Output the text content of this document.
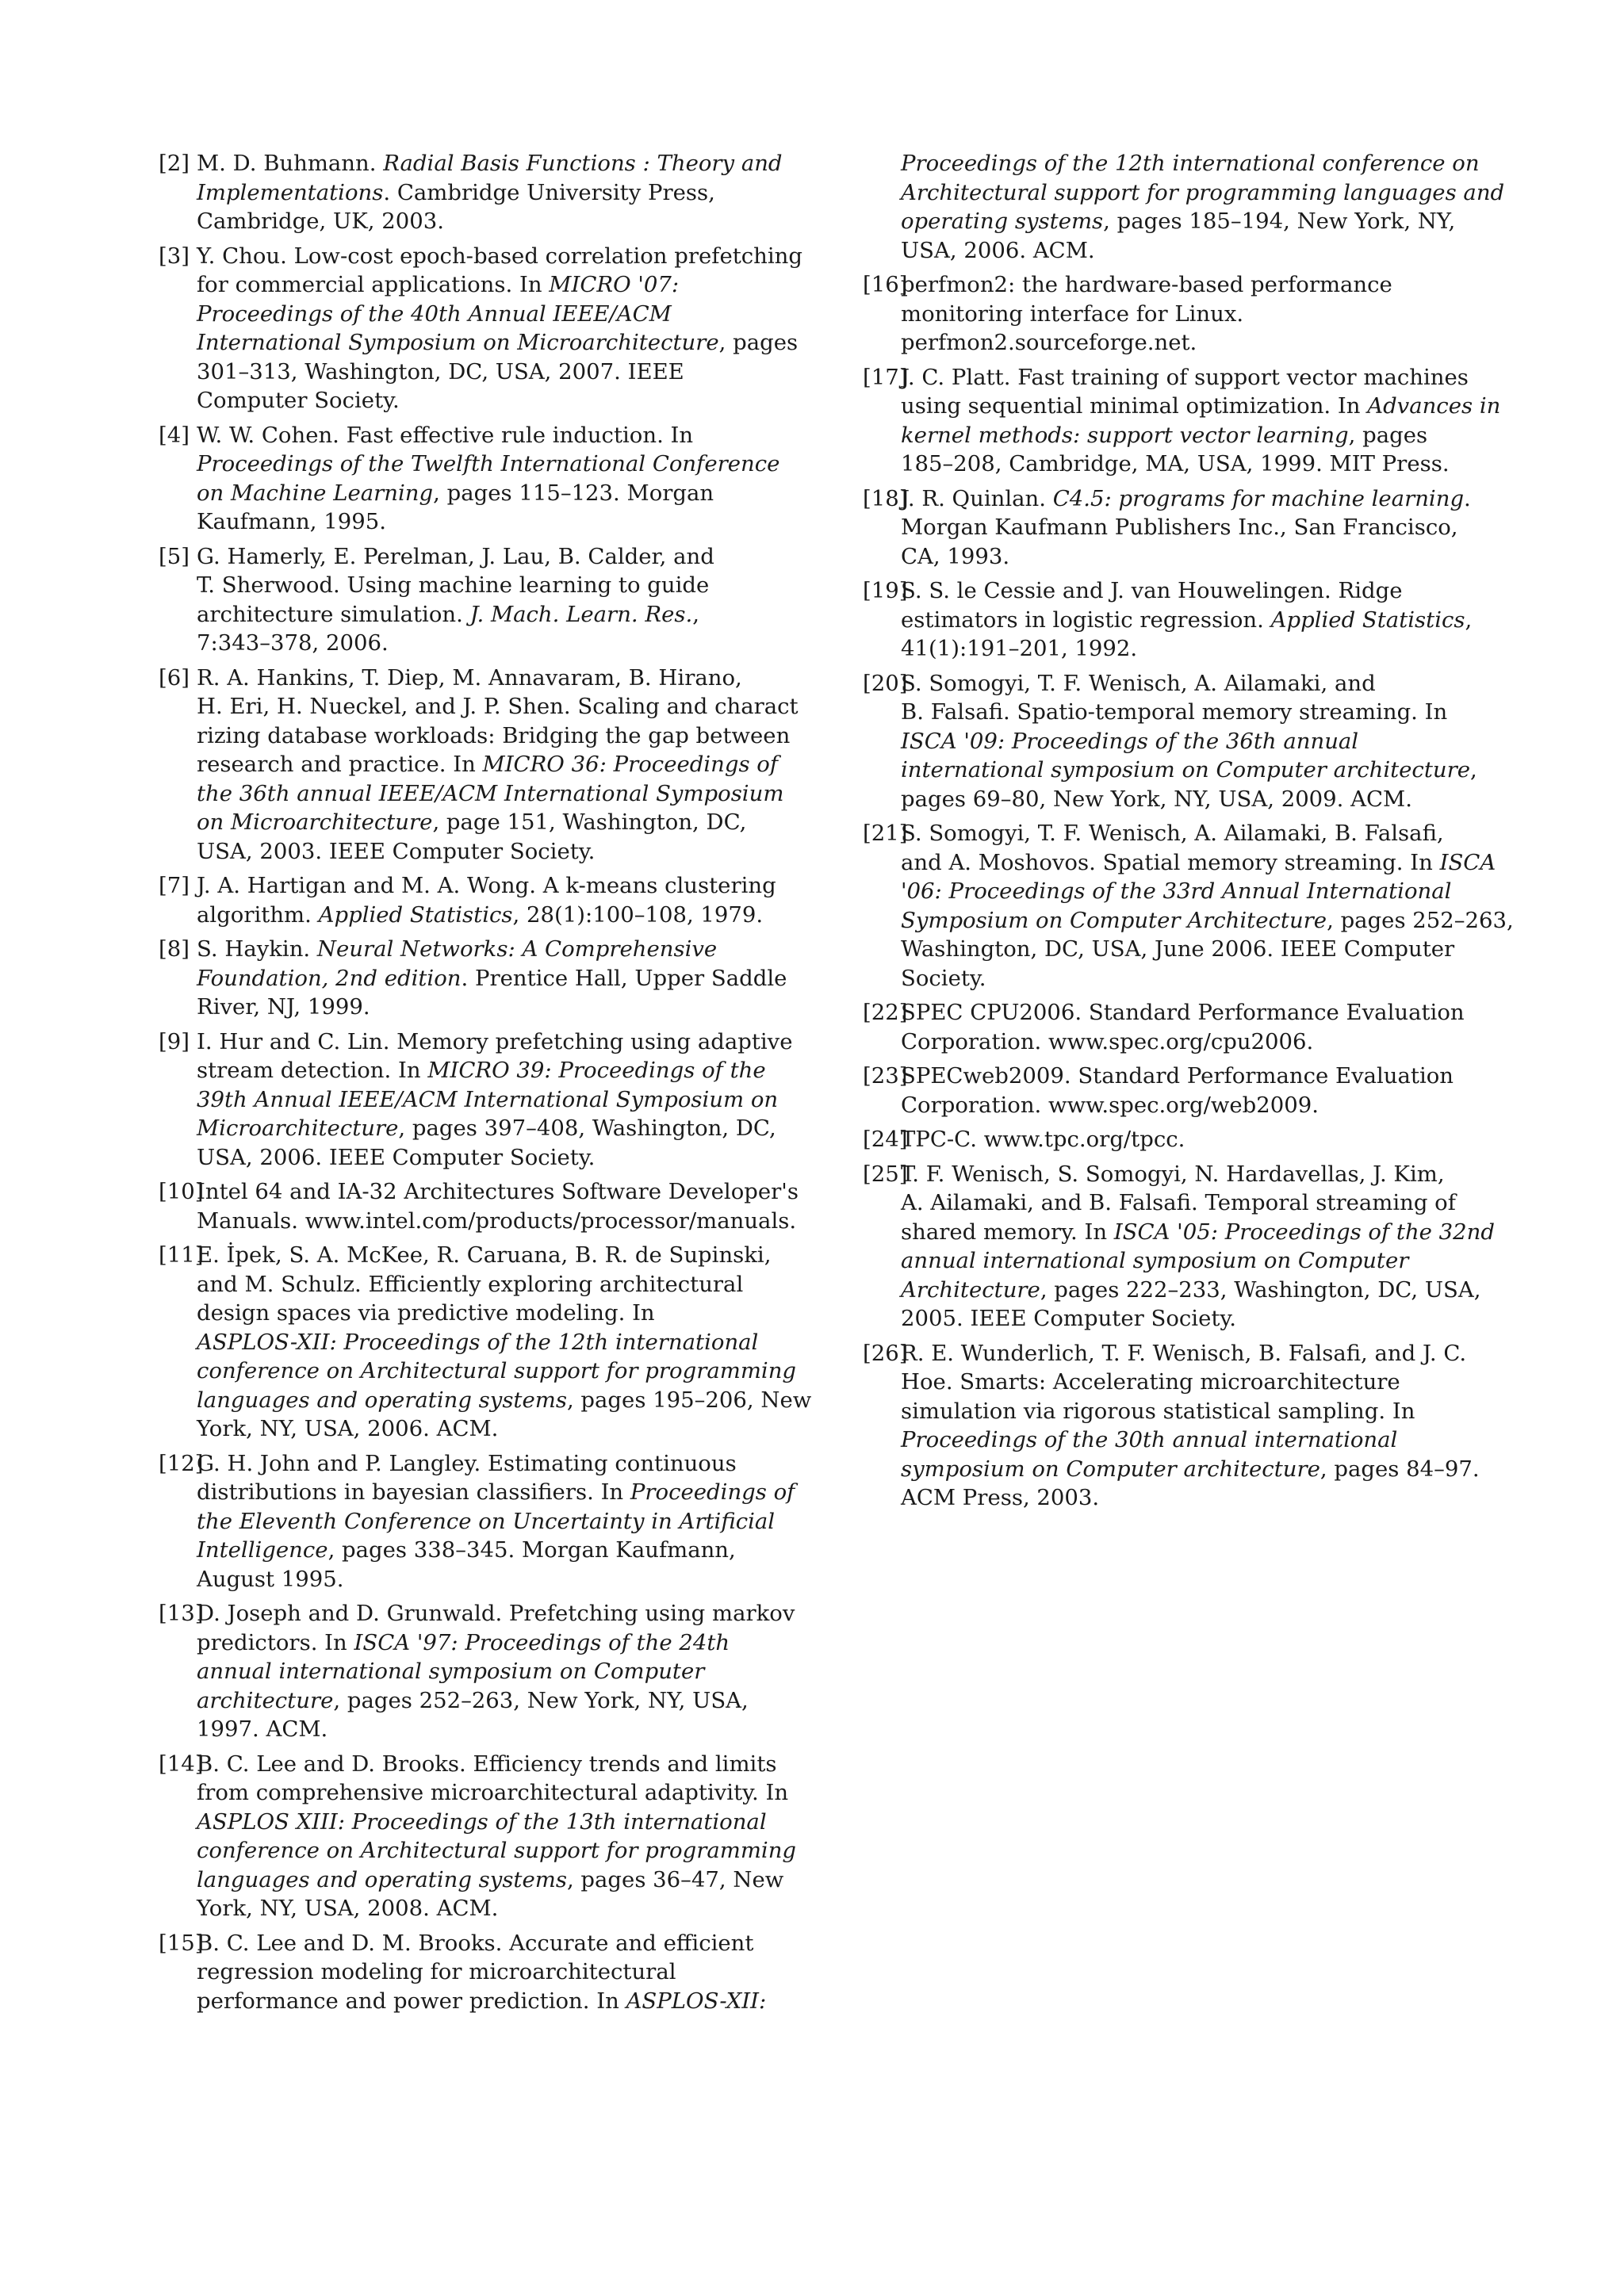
[2] M. D. Buhmann. Radial Basis Functions : Theory and
Implementations. Cambridge University Press,
Cambridge, UK, 2003.
[3] Y. Chou. Low-cost epoch-based correlation prefetching
for commercial applications. In MICRO '07:
Proceedings of the 40th Annual IEEE/ACM
International Symposium on Microarchitecture, pages
301–313, Washington, DC, USA, 2007. IEEE
Computer Society.
[4] W. W. Cohen. Fast effective rule induction. In
Proceedings of the Twelfth International Conference
on Machine Learning, pages 115–123. Morgan
Kaufmann, 1995.
[5] G. Hamerly, E. Perelman, J. Lau, B. Calder, and
T. Sherwood. Using machine learning to guide
architecture simulation. J. Mach. Learn. Res.,
7:343–378, 2006.
[6] R. A. Hankins, T. Diep, M. Annavaram, B. Hirano,
H. Eri, H. Nueckel, and J. P. Shen. Scaling and charact
rizing database workloads: Bridging the gap between
research and practice. In MICRO 36: Proceedings of
the 36th annual IEEE/ACM International Symposium
on Microarchitecture, page 151, Washington, DC,
USA, 2003. IEEE Computer Society.
[7] J. A. Hartigan and M. A. Wong. A k-means clustering
algorithm. Applied Statistics, 28(1):100–108, 1979.
[8] S. Haykin. Neural Networks: A Comprehensive
Foundation, 2nd edition. Prentice Hall, Upper Saddle
River, NJ, 1999.
[9] I. Hur and C. Lin. Memory prefetching using adaptive
stream detection. In MICRO 39: Proceedings of the
39th Annual IEEE/ACM International Symposium on
Microarchitecture, pages 397–408, Washington, DC,
USA, 2006. IEEE Computer Society.
[10]
Intel 64 and IA-32 Architectures Software Developer's
Manuals. www.intel.com/products/processor/manuals.
[11]
E. İpek, S. A. McKee, R. Caruana, B. R. de Supinski,
and M. Schulz. Efficiently exploring architectural
design spaces via predictive modeling. In
ASPLOS-XII: Proceedings of the 12th international
conference on Architectural support for programming
languages and operating systems, pages 195–206, New
York, NY, USA, 2006. ACM.
[12]
G. H. John and P. Langley. Estimating continuous
distributions in bayesian classifiers. In Proceedings of
the Eleventh Conference on Uncertainty in Artificial
Intelligence, pages 338–345. Morgan Kaufmann,
August 1995.
[13]
D. Joseph and D. Grunwald. Prefetching using markov
predictors. In ISCA '97: Proceedings of the 24th
annual international symposium on Computer
architecture, pages 252–263, New York, NY, USA,
1997. ACM.
[14]
B. C. Lee and D. Brooks. Efficiency trends and limits
from comprehensive microarchitectural adaptivity. In
ASPLOS XIII: Proceedings of the 13th international
conference on Architectural support for programming
languages and operating systems, pages 36–47, New
York, NY, USA, 2008. ACM.
[15]
B. C. Lee and D. M. Brooks. Accurate and efficient
regression modeling for microarchitectural
performance and power prediction. In ASPLOS-XII:
Proceedings of the 12th international conference on
Architectural support for programming languages and
operating systems, pages 185–194, New York, NY,
USA, 2006. ACM.
[16]
perfmon2: the hardware-based performance
monitoring interface for Linux.
perfmon2.sourceforge.net.
[17]
J. C. Platt. Fast training of support vector machines
using sequential minimal optimization. In Advances in
kernel methods: support vector learning, pages
185–208, Cambridge, MA, USA, 1999. MIT Press.
[18]
J. R. Quinlan. C4.5: programs for machine learning.
Morgan Kaufmann Publishers Inc., San Francisco,
CA, 1993.
[19]
S. S. le Cessie and J. van Houwelingen. Ridge
estimators in logistic regression. Applied Statistics,
41(1):191–201, 1992.
[20]
S. Somogyi, T. F. Wenisch, A. Ailamaki, and
B. Falsafi. Spatio-temporal memory streaming. In
ISCA '09: Proceedings of the 36th annual
international symposium on Computer architecture,
pages 69–80, New York, NY, USA, 2009. ACM.
[21]
S. Somogyi, T. F. Wenisch, A. Ailamaki, B. Falsafi,
and A. Moshovos. Spatial memory streaming. In ISCA
'06: Proceedings of the 33rd Annual International
Symposium on Computer Architecture, pages 252–263,
Washington, DC, USA, June 2006. IEEE Computer
Society.
[22]
SPEC CPU2006. Standard Performance Evaluation
Corporation. www.spec.org/cpu2006.
[23]
SPECweb2009. Standard Performance Evaluation
Corporation. www.spec.org/web2009.
[24]
TPC-C. www.tpc.org/tpcc.
[25]
T. F. Wenisch, S. Somogyi, N. Hardavellas, J. Kim,
A. Ailamaki, and B. Falsafi. Temporal streaming of
shared memory. In ISCA '05: Proceedings of the 32nd
annual international symposium on Computer
Architecture, pages 222–233, Washington, DC, USA,
2005. IEEE Computer Society.
[26]
R. E. Wunderlich, T. F. Wenisch, B. Falsafi, and J. C.
Hoe. Smarts: Accelerating microarchitecture
simulation via rigorous statistical sampling. In
Proceedings of the 30th annual international
symposium on Computer architecture, pages 84–97.
ACM Press, 2003.
